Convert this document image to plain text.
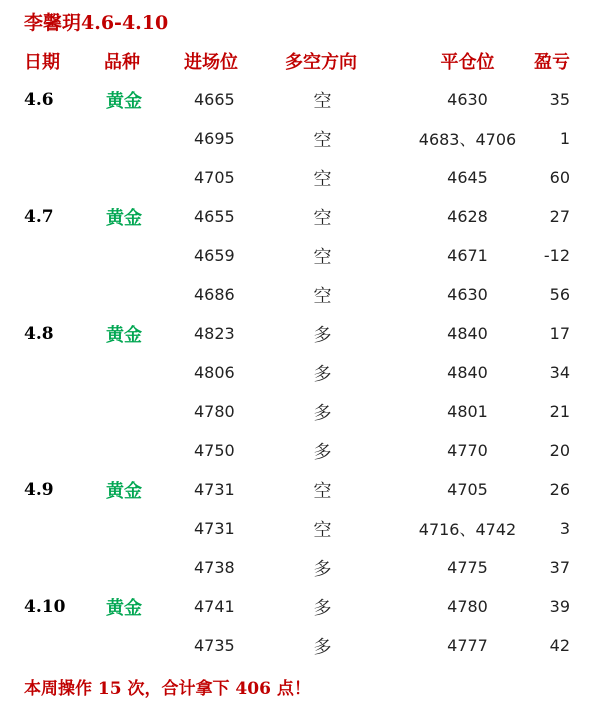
李馨玥4.6-4.10
日期	品种	进场位	多空方向	平仓位	盈亏
4.6	黄金	4665	空	4630	35
		4695	空	4683、4706	1
		4705	空	4645	60
4.7	黄金	4655	空	4628	27
		4659	空	4671	-12
		4686	空	4630	56
4.8	黄金	4823	多	4840	17
		4806	多	4840	34
		4780	多	4801	21
		4750	多	4770	20
4.9	黄金	4731	空	4705	26
		4731	空	4716、4742	3
		4738	多	4775	37
4.10	黄金	4741	多	4780	39
		4735	多	4777	42
本周操作 15 次，合计拿下 406 点！
